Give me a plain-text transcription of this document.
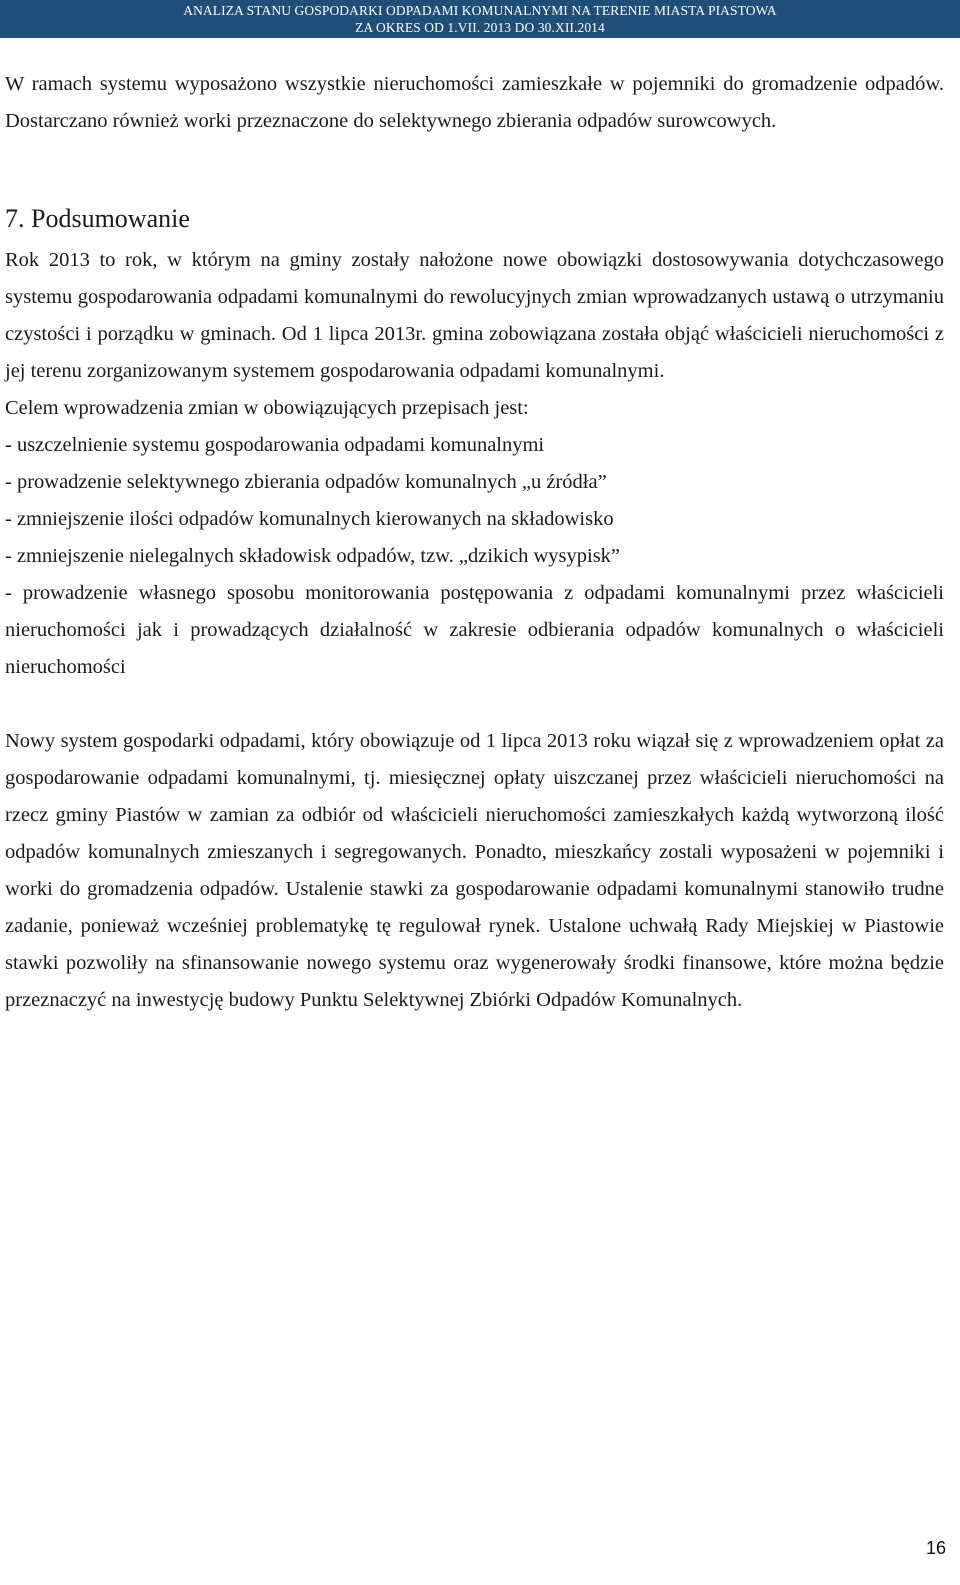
ANALIZA STANU GOSPODARKI ODPADAMI KOMUNALNYMI NA TERENIE MIASTA PIASTOWA
ZA OKRES OD 1.VII. 2013 DO 30.XII.2014

W ramach systemu wyposażono wszystkie nieruchomości zamieszkałe w pojemniki do gromadzenie odpadów. Dostarczano również worki przeznaczone do selektywnego zbierania odpadów surowcowych.

7. Podsumowanie

Rok 2013 to rok, w którym na gminy zostały nałożone nowe obowiązki dostosowywania dotychczasowego systemu gospodarowania odpadami komunalnymi do rewolucyjnych zmian wprowadzanych ustawą o utrzymaniu czystości i porządku w gminach. Od 1 lipca 2013r. gmina zobowiązana została objąć właścicieli nieruchomości z jej terenu zorganizowanym systemem gospodarowania odpadami komunalnymi.

Celem wprowadzenia zmian w obowiązujących przepisach jest:

- uszczelnienie systemu gospodarowania odpadami komunalnymi

- prowadzenie selektywnego zbierania odpadów komunalnych „u źródła”

- zmniejszenie ilości odpadów komunalnych kierowanych na składowisko

- zmniejszenie nielegalnych składowisk odpadów, tzw. „dzikich wysypisk”

- prowadzenie własnego sposobu monitorowania postępowania z odpadami komunalnymi przez właścicieli nieruchomości jak i prowadzących działalność w zakresie odbierania odpadów komunalnych o właścicieli nieruchomości

Nowy system gospodarki odpadami, który obowiązuje od 1 lipca 2013 roku wiązał się z wprowadzeniem opłat za gospodarowanie odpadami komunalnymi, tj. miesięcznej opłaty uiszczanej przez właścicieli nieruchomości na rzecz gminy Piastów w zamian za odbiór od właścicieli nieruchomości zamieszkałych każdą wytworzoną ilość odpadów komunalnych zmieszanych i segregowanych. Ponadto, mieszkańcy zostali wyposażeni w pojemniki i worki do gromadzenia odpadów. Ustalenie stawki za gospodarowanie odpadami komunalnymi stanowiło trudne zadanie, ponieważ wcześniej problematykę tę regulował rynek. Ustalone uchwałą Rady Miejskiej w Piastowie stawki pozwoliły na sfinansowanie nowego systemu oraz wygenerowały środki finansowe, które można będzie przeznaczyć na inwestycję budowy Punktu Selektywnej Zbiórki Odpadów Komunalnych.

16
